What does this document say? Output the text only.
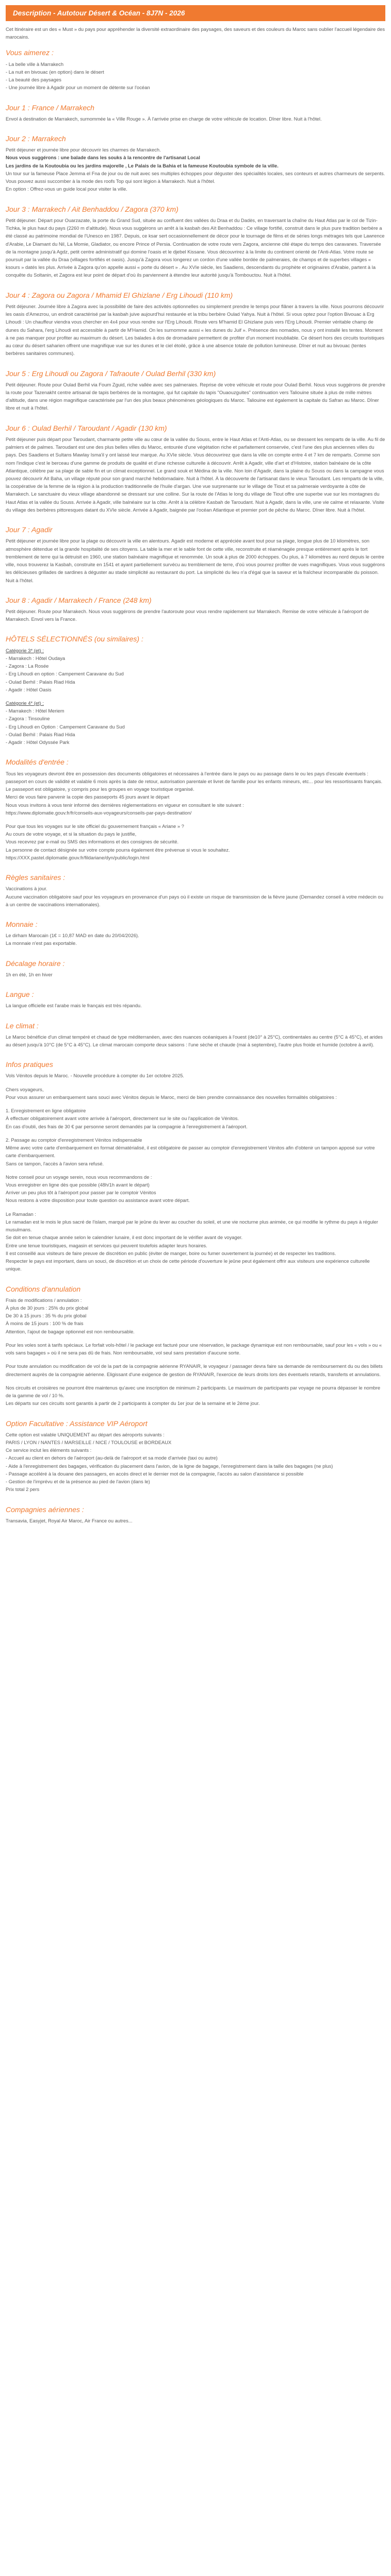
Description - Autotour Désert & Océan - 8J7N - 2026

Cet Itinéraire est un des « Must » du pays pour appréhender la diversité extraordinaire des paysages, des saveurs et des couleurs du Maroc sans oublier l'accueil légendaire des marocains.

Vous aimerez :
- La belle ville à Marrakech
- La nuit en bivouac (en option) dans le désert
- La beauté des paysages
- Une journée libre à Agadir pour un moment de détente sur l'océan
Jour 1 : France / Marrakech

Envol à destination de Marrakech, surnommée la « Ville Rouge ». À l'arrivée prise en charge de votre véhicule de location. Dîner libre. Nuit à l'hôtel.

Jour 2 : Marrakech

Petit déjeuner et journée libre pour découvrir les charmes de Marrakech.

Nous vous suggérons : une balade dans les souks à la rencontre de l'artisanat Local

Les jardins de la Koutoubia ou les jardins majorelle , Le Palais de la Bahia et la fameuse Koutoubia symbole de la ville.

Un tour sur la fameuse Place Jemma el Fna de jour ou de nuit avec ses multiples échoppes pour déguster des spécialités locales, ses conteurs et autres charmeurs de serpents. Vous pouvez aussi succomber à la mode des roofs Top qui sont légion à Marrakech. Nuit à l'hôtel.

En option : Offrez-vous un guide local pour visiter la ville.

Jour 3 : Marrakech / Ait Benhaddou / Zagora (370 km)

Petit déjeuner. Départ pour Ouarzazate, la porte du Grand Sud, située au confluent des vallées du Draa et du Dadès, en traversant la chaîne du Haut Atlas par le col de Tizin-Tichka, le plus haut du pays (2260 m d'altitude). Nous vous suggérons un arrêt à la kasbah des Aït Benhaddou : Ce village fortifié, construit dans le plus pure tradition berbère a été classé au patrimoine mondial de l'Unesco en 1987. Depuis, ce ksar sert occasionnellement de décor pour le tournage de films et de séries longs métrages tels que Lawrence d'Arabie, Le Diamant du Nil, La Momie, Gladiator, ou encore Prince of Persia. Continuation de votre route vers Zagora, ancienne cité étape du temps des caravanes. Traversée de la montagne jusqu'à Agdz, petit centre administratif qui domine l'oasis et le djebel Kissane. Vous découvrirez à la limite du continent orienté de l'Anti-Atlas. Votre route se poursuit par la vallée du Draa (villages fortifiés et oasis). Jusqu'à Zagora vous longerez un cordon d'une vallée bordée de palmeraies, de champs et de superbes villages « ksours » datés les plus. Arrivée à Zagora qu'on appelle aussi « porte du désert » . Au XVIe siècle, les Saadiens, descendants du prophète et originaires d'Arabie, partent à la conquête du Soltanin, et Zagora est leur point de départ d'où ils parviennent à étendre leur autorité jusqu'à Tombouctou. Nuit à l'hôtel.

Jour 4 : Zagora ou Zagora / Mhamid El Ghizlane / Erg Lihoudi (110 km)

Petit déjeuner. Journée libre à Zagora avec la possibilité de faire des activités optionnelles ou simplement prendre le temps pour flâner à travers la ville. Nous pourrons découvrir les oasis d'Amezrou, un endroit caractérisé par la kasbah juive aujourd'hui restaurée et la tribu berbère Oulad Yahya. Nuit à l'hôtel. Si vous optez pour l'option Bivouac à Erg Lihoudi : Un chauffeur viendra vous chercher en 4x4 pour vous rendre sur l'Erg Lihoudi. Route vers M'hamid El Ghizlane puis vers l'Erg Lihoudi. Premier véritable champ de dunes du Sahara, l'erg Lihoudi est accessible à partir de M'Hamid. On les surnomme aussi « les dunes du Juif ». Présence des nomades, nous y ont installé les tentes. Moment à ne pas manquer pour profiter au maximum du désert. Les balades à dos de dromadaire permettent de profiter d'un moment inoubliable. Ce désert hors des circuits touristiques au cœur du désert saharien offrent une magnifique vue sur les dunes et le ciel étoilé, grâce à une absence totale de pollution lumineuse. Dîner et nuit au bivouac (tentes berbères sanitaires communes).

Jour 5 : Erg Lihoudi ou Zagora / Tafraoute / Oulad Berhil (330 km)

Petit déjeuner. Route pour Oulad Berhil via Foum Zguid, riche vallée avec ses palmeraies. Reprise de votre véhicule et route pour Oulad Berhil. Nous vous suggérons de prendre la route pour Tazenakht centre artisanal de tapis berbères de la montagne, qui fut capitale du tapis "Ouaouzguites" continuation vers Taliouine située à plus de mille mètres d'altitude, dans une région magnifique caractérisée par l'un des plus beaux phénomènes géologiques du Maroc. Taliouine est également la capitale du Safran au Maroc. Dîner libre et nuit à l'hôtel.

Jour 6 : Oulad Berhil / Taroudant / Agadir (130 km)

Petit déjeuner puis départ pour Taroudant, charmante petite ville au cœur de la vallée du Souss, entre le Haut Atlas et l'Anti-Atlas, ou se dressent les remparts de la ville. Au fil de palmiers et de palmes. Taroudant est une des plus belles villes du Maroc, entourée d'une végétation riche et parfaitement conservée, c'est l'une des plus anciennes villes du pays. Des Saadiens et Sultans Mawlay Isma'il y ont laissé leur marque. Au XVIe siècle. Vous découvrirez que dans la ville on compte entre 4 et 7 km de remparts. Comme son nom l'indique c'est le berceau d'une gamme de produits de qualité et d'une richesse culturelle à découvrir. Arrêt à Agadir, ville d'art et d'Histoire, station balnéaire de la côte Atlantique, célèbre par sa plage de sable fin et un climat exceptionnel. Le grand souk et Médina de la ville. Non loin d'Agadir, dans la plaine du Souss ou dans la campagne vous pouvez découvrir Ait Baha, un village réputé pour son grand marché hebdomadaire. Nuit à l'hôtel. À la découverte de l'artisanat dans le vieux Taroudant. Les remparts de la ville, la coopérative de la femme de la région à la production traditionnelle de l'huile d'argan. Une vue surprenante sur le village de Tiout et sa palmeraie verdoyante à côte de Marrakech. Le sanctuaire du vieux village abandonné se dressant sur une colline. Sur la route de l'Atlas le long du village de Tiout offre une superbe vue sur les montagnes du Haut Atlas et la vallée du Souss. Arrivée à Agadir, ville balnéaire sur la côte. Arrêt à la célèbre Kasbah de Taroudant. Nuit à Agadir, dans la ville, une vie calme et relaxante. Visite du village des berbères pittoresques datant du XVIe siècle. Arrivée à Agadir, baignée par l'océan Atlantique et premier port de pêche du Maroc. Dîner libre. Nuit à l'hôtel.

Jour 7 : Agadir

Petit déjeuner et journée libre pour la plage ou découvrir la ville en alentours. Agadir est moderne et appréciée avant tout pour sa plage, longue plus de 10 kilomètres, son atmosphère détendue et la grande hospitalité de ses citoyens. La table la mer et le sable font de cette ville, reconstruite et réaménagée presque entièrement après le tort tremblement de terre qui la détruisit en 1960, une station balnéaire magnifique et renommée. Un souk à plus de 2000 échoppes. Ou plus, à 7 kilomètres au nord depuis le centre ville, nous trouverez la Kasbah, construite en 1541 et ayant partiellement survécu au tremblement de terre, d'où vous pourrez profiter de vues magnifiques. Vous vous suggérons les délicieuses grillades de sardines à déguster au stade simplicité au restaurant du port. La simplicité du lieu n'a d'égal que la saveur et la fraîcheur incomparable du poisson. Nuit à l'hôtel.

Jour 8 : Agadir / Marrakech / France (248 km)

Petit déjeuner. Route pour Marrakech. Nous vous suggérons de prendre l'autoroute pour vous rendre rapidement sur Marrakech. Remise de votre véhicule à l'aéroport de Marrakech. Envol vers la France.

HÔTELS SÉLECTIONNÉS (ou similaires) :

Catégorie 3* (et) :

- Marrakech : Hôtel Oudaya
- Zagora : La Rosée
- Erg Lihoudi en option : Campement Caravane du Sud
- Oulad Berhil : Palais Riad Hida
- Agadir : Hôtel Oasis

Catégorie 4* (et) :

- Marrakech : Hôtel Meriem
- Zagora : Tinsouline
- Erg Lihoudi en Option : Campement Caravane du Sud
- Oulad Berhil : Palais Riad Hida
- Agadir : Hôtel Odyssée Park
Modalités d'entrée :

Tous les voyageurs devront être en possession des documents obligatoires et nécessaires à l'entrée dans le pays ou au passage dans le ou les pays d'escale éventuels : passeport en cours de validité et valable 6 mois après la date de retour, autorisation parentale et livret de famille pour les enfants mineurs, etc... pour les ressortissants français.

Le passeport est obligatoire, y compris pour les groupes en voyage touristique organisé.

Merci de vous faire parvenir la copie des passeports 45 jours avant le départ

Nous vous invitons à vous tenir informé des dernières réglementations en vigueur en consultant le site suivant :

https://www.diplomatie.gouv.fr/fr/conseils-aux-voyageurs/conseils-par-pays-destination/

Pour que tous les voyages sur le site officiel du gouvernement français « Ariane » ?

Au cours de votre voyage, et si la situation du pays le justifie,

Vous recevrez par e-mail ou SMS des informations et des consignes de sécurité.

La personne de contact désignée sur votre compte pourra également être prévenue si vous le souhaitez.

https://XXX.pastel.diplomatie.gouv.fr/fildariane/dyn/public/login.html

Règles sanitaires :

Vaccinations à jour.

Aucune vaccination obligatoire sauf pour les voyageurs en provenance d'un pays où il existe un risque de transmission de la fièvre jaune (Demandez conseil à votre médecin ou à un centre de vaccinations internationales).

Monnaie :

Le dirham Marocain (1€ = 10,87 MAD en date du 20/04/2026).

La monnaie n'est pas exportable.

Décalage horaire :

1h en été, 1h en hiver

Langue :

La langue officielle est l'arabe mais le français est très répandu.

Le climat :

Le Maroc bénéficie d'un climat tempéré et chaud de type méditerranéen, avec des nuances océaniques à l'ouest (de10° à 25°C), continentales au centre (5°C à 45°C), et arides au désert jusqu'à 10°C (de 5°C à 45°C). Le climat marocain comporte deux saisons : l'une sèche et chaude (mai à septembre), l'autre plus froide et humide (octobre à avril).

Infos pratiques

Vols Vénitos depuis le Maroc. - Nouvelle procédure à compter du 1er octobre 2025.

Chers voyageurs,

Pour vous assurer un embarquement sans souci avec Vénitos depuis le Maroc, merci de bien prendre connaissance des nouvelles formalités obligatoires :

1. Enregistrement en ligne obligatoire

À effectuer obligatoirement avant votre arrivée à l'aéroport, directement sur le site ou l'application de Vénitos.

En cas d'oubli, des frais de 30 € par personne seront demandés par la compagnie à l'enregistrement à l'aéroport.

2. Passage au comptoir d'enregistrement Vénitos indispensable

Même avec votre carte d'embarquement en format dématérialisé, il est obligatoire de passer au comptoir d'enregistrement Vénitos afin d'obtenir un tampon apposé sur votre carte d'embarquement.

Sans ce tampon, l'accès à l'avion sera refusé.

Notre conseil pour un voyage serein, nous vous recommandons de :

Vous enregistrer en ligne dès que possible (48h/1h avant le départ)

Arriver un peu plus tôt à l'aéroport pour passer par le comptoir Vénitos

Nous restons à votre disposition pour toute question ou assistance avant votre départ.

Le Ramadan :

Le ramadan est le mois le plus sacré de l'islam, marqué par le jeûne du lever au coucher du soleil, et une vie nocturne plus animée, ce qui modifie le rythme du pays à réguler musulmans.

Se doit en tenue chaque année selon le calendrier lunaire, il est donc important de le vérifier avant de voyager.

Entre une tenue touristiques, magasin et services qui peuvent toutefois adapter leurs horaires.

Il est conseillé aux visiteurs de faire preuve de discrétion en public (éviter de manger, boire ou fumer ouvertement la journée) et de respecter les traditions.

Respecter le pays est important, dans un souci, de discrétion et un choix de cette période d'ouverture le jeûne peut également offrir aux visiteurs une expérience culturelle unique.

Conditions d'annulation

Frais de modifications / annulation :

À plus de 30 jours : 25% du prix global

De 30 à 15 jours : 35 % du prix global

À moins de 15 jours : 100 % de frais

Attention, l'ajout de bagage optionnel est non remboursable.

Pour les voles sont à tarifs spéciaux. Le forfait vols-hôtel / le package est facturé pour une réservation, le package dynamique est non remboursable, sauf pour les « vols » ou « vols sans bagages » où il ne sera pas dû de frais. Non remboursable, vol seul sans prestation d'aucune sorte.

Pour toute annulation ou modification de vol de la part de la compagnie aérienne RYANAIR, le voyageur / passager devra faire sa demande de remboursement du ou des billets directement auprès de la compagnie aérienne. Eligissant d'une exigence de gestion de RYANAIR, l'exercice de leurs droits lors des éventuels retards, transferts et annulations.

Nos circuits et croisières ne pourront être maintenus qu'avec une inscription de minimum 2 participants. Le maximum de participants par voyage ne pourra dépasser le nombre de la gamme de vol / 10 %.

Les départs sur ces circuits sont garantis à partir de 2 participants à compter du 1er jour de la semaine et le 2ème jour.

Option Facultative : Assistance VIP Aéroport

Cette option est valable UNIQUEMENT au départ des aéroports suivants :

PARIS / LYON / NANTES / MARSEILLE / NICE / TOULOUSE et BORDEAUX

Ce service inclut les éléments suivants :

- Accueil au client en dehors de l'aéroport (au-delà de l'aéroport et sa mode d'arrivée (taxi ou autre)

- Aide à l'enregistrement des bagages, vérification du placement dans l'avion, de la ligne de bagage, l'enregistrement dans la taille des bagages (ne plus)

- Passage accéléré à la douane des passagers, en accès direct et le dernier mot de la compagnie, l'accès au salon d'assistance si possible

- Gestion de l'imprévu et de la présence au pied de l'avion (dans le)

Prix total 2 pers

Compagnies aériennes :

Transavia, Easyjet, Royal Air Maroc, Air France ou autres...
